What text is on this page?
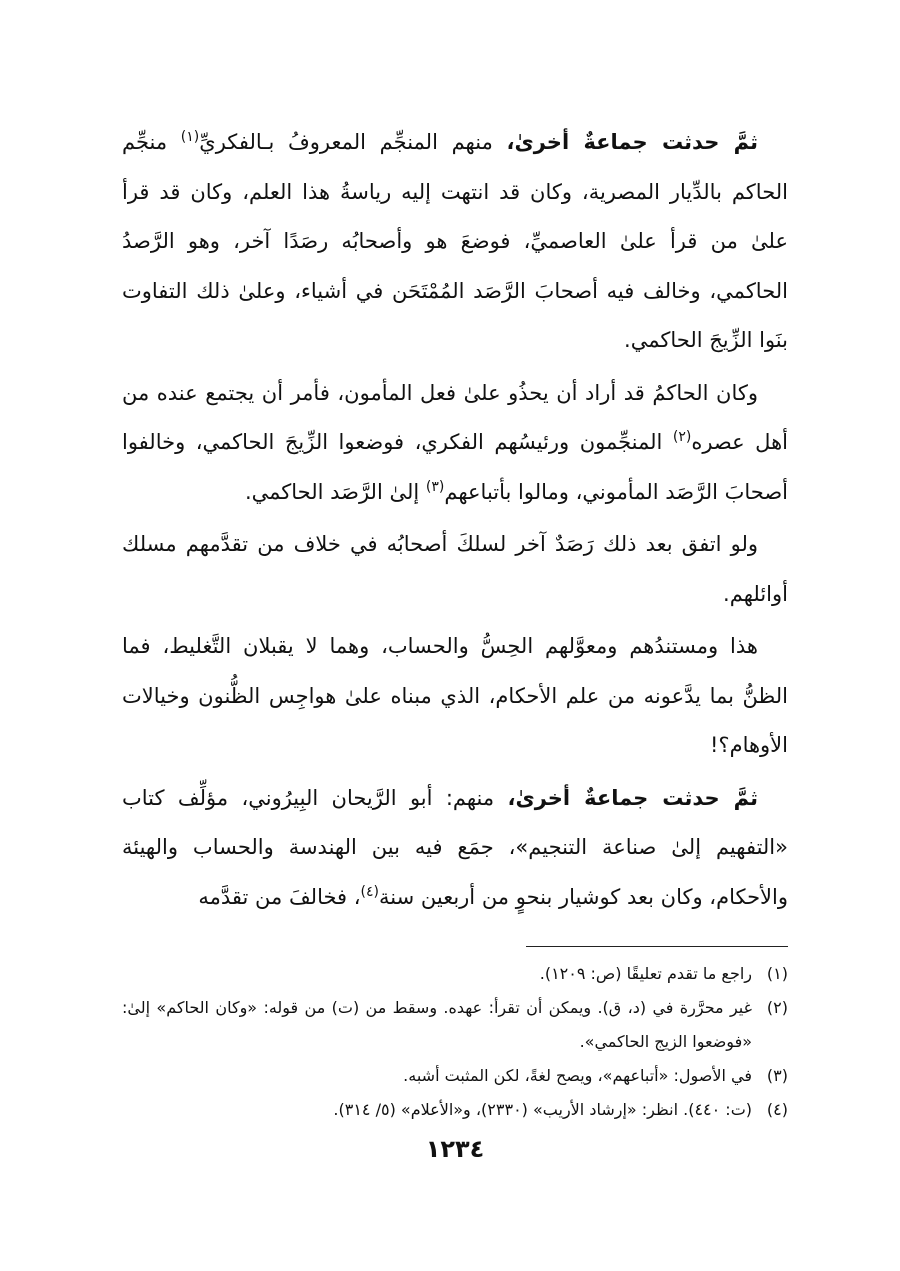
ثمَّ حدثت جماعةٌ أخرىٰ، منهم المنجِّم المعروفُ بـالفكريِّ$^{(١)}$ منجِّم الحاكم بالدِّيار المصرية، وكان قد انتهت إليه رياسةُ هذا العلم، وكان قد قرأ علىٰ من قرأ علىٰ العاصميِّ، فوضعَ هو وأصحابُه رصَدًا آخر، وهو الرَّصدُ الحاكمي، وخالف فيه أصحابَ الرَّصَد المُمْتَحَن في أشياء، وعلىٰ ذلك التفاوت بنَوا الزِّيجَ الحاكمي.

وكان الحاكمُ قد أراد أن يحذُو علىٰ فعل المأمون، فأمر أن يجتمع عنده من أهل عصره$^{(٢)}$ المنجِّمون ورئيسُهم الفكري، فوضعوا الزِّيجَ الحاكمي، وخالفوا أصحابَ الرَّصَد المأموني، ومالوا بأتباعهم$^{(٣)}$ إلىٰ الرَّصَد الحاكمي.

ولو اتفق بعد ذلك رَصَدٌ آخر لسلكَ أصحابُه في خلاف من تقدَّمهم مسلك أوائلهم.

هذا ومستندُهم ومعوَّلهم الحِسُّ والحساب، وهما لا يقبلان التَّغليط، فما الظنُّ بما يدَّعونه من علم الأحكام، الذي مبناه علىٰ هواجِس الظُّنون وخيالات الأوهام؟!

ثمَّ حدثت جماعةٌ أخرىٰ، منهم: أبو الرَّيحان البِيرُوني، مؤلِّف كتاب «التفهيم إلىٰ صناعة التنجيم»، جمَع فيه بين الهندسة والحساب والهيئة والأحكام، وكان بعد كوشيار بنحوٍ من أربعين سنة$^{(٤)}$، فخالفَ من تقدَّمه

(١)
راجع ما تقدم تعليقًا (ص: ١٢٠٩).
(٢)
غير محرَّرة في (د، ق). ويمكن أن تقرأ: عهده. وسقط من (ت) من قوله: «وكان الحاكم» إلىٰ: «فوضعوا الزيج الحاكمي».
(٣)
في الأصول: «أتباعهم»، ويصح لغةً، لكن المثبت أشبه.
(٤)
(ت: ٤٤٠). انظر: «إرشاد الأريب» (٢٣٣٠)، و«الأعلام» (٥/ ٣١٤).
١٢٣٤
